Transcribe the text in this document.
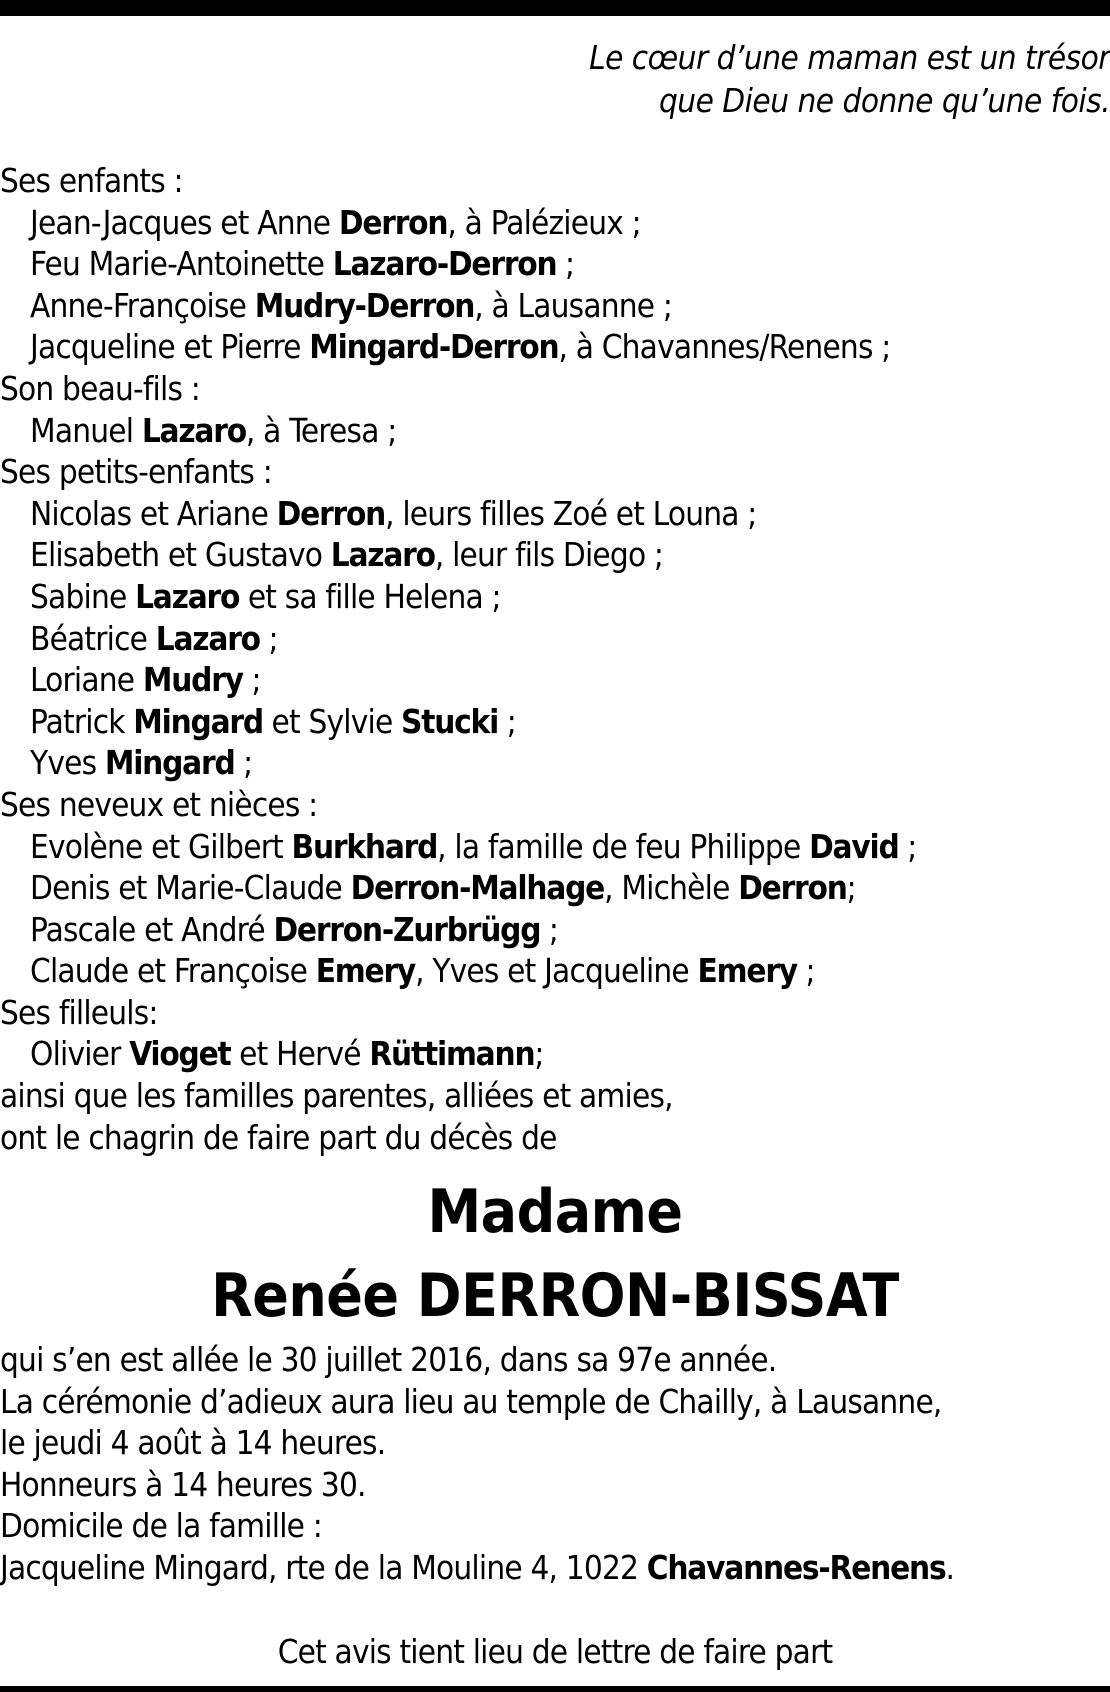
Le cœur d’une maman est un trésor
que Dieu ne donne qu’une fois.
Ses enfants :
Jean-Jacques et Anne Derron, à Palézieux ;
Feu Marie-Antoinette Lazaro-Derron ;
Anne-Françoise Mudry-Derron, à Lausanne ;
Jacqueline et Pierre Mingard-Derron, à Chavannes/Renens ;
Son beau-fils :
Manuel Lazaro, à Teresa ;
Ses petits-enfants :
Nicolas et Ariane Derron, leurs filles Zoé et Louna ;
Elisabeth et Gustavo Lazaro, leur fils Diego ;
Sabine Lazaro et sa fille Helena ;
Béatrice Lazaro ;
Loriane Mudry ;
Patrick Mingard et Sylvie Stucki ;
Yves Mingard ;
Ses neveux et nièces :
Evolène et Gilbert Burkhard, la famille de feu Philippe David ;
Denis et Marie-Claude Derron-Malhage, Michèle Derron;
Pascale et André Derron-Zurbrügg ;
Claude et Françoise Emery, Yves et Jacqueline Emery ;
Ses filleuls:
Olivier Vioget et Hervé Rüttimann;
ainsi que les familles parentes, alliées et amies,
ont le chagrin de faire part du décès de
Madame
Renée DERRON-BISSAT
qui s’en est allée le 30 juillet 2016, dans sa 97e année.
La cérémonie d’adieux aura lieu au temple de Chailly, à Lausanne,
le jeudi 4 août à 14 heures.
Honneurs à 14 heures 30.
Domicile de la famille :
Jacqueline Mingard, rte de la Mouline 4, 1022 Chavannes-Renens.
Cet avis tient lieu de lettre de faire part
